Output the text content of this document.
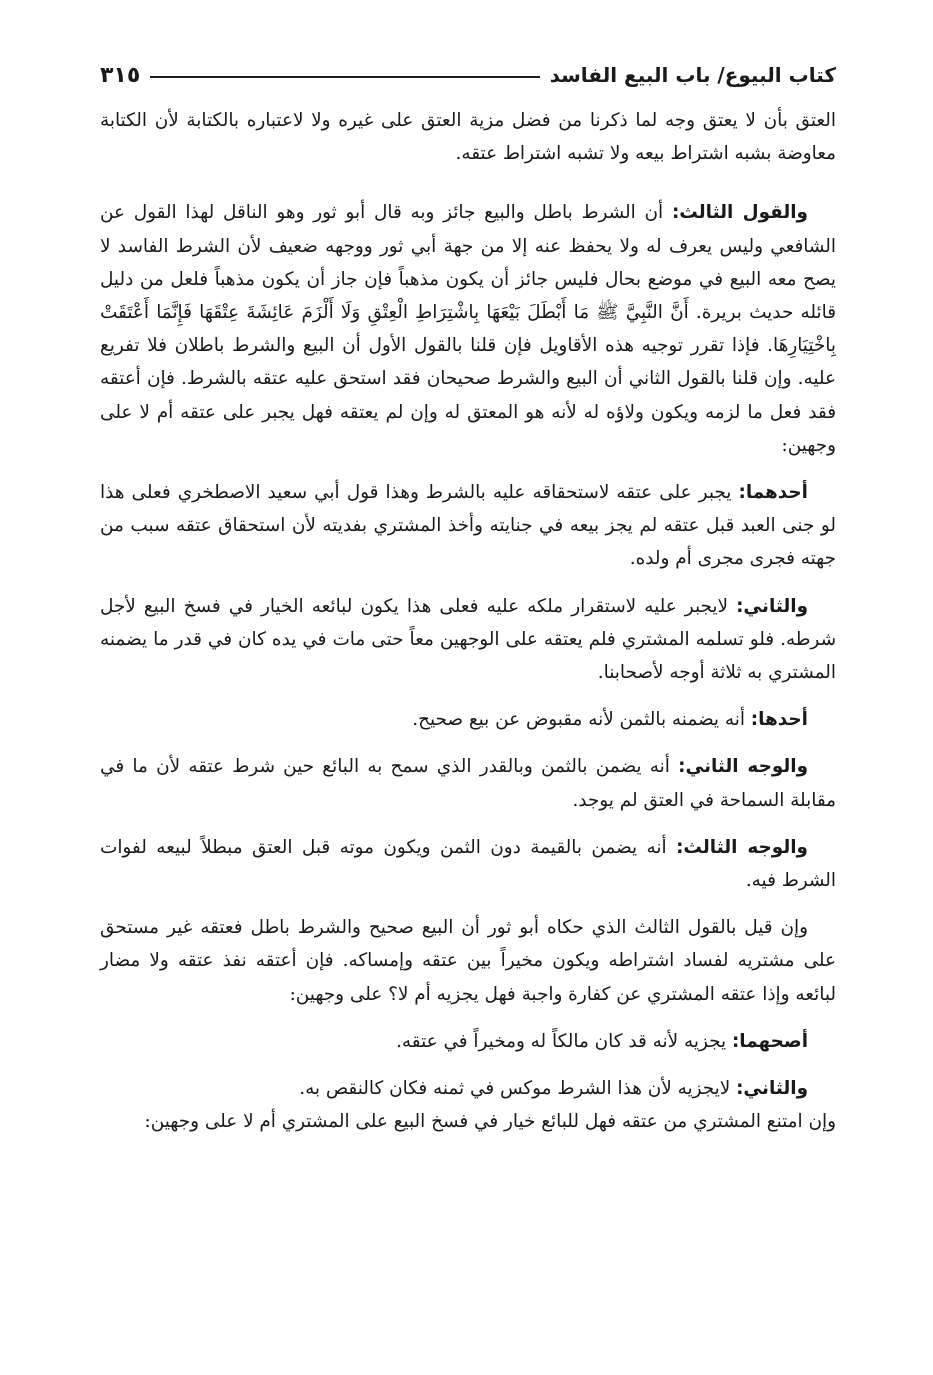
كتاب البيوع/ باب البيع الفاسد
٣١٥

العتق بأن لا يعتق وجه لما ذكرنا من فضل مزية العتق على غيره ولا لاعتباره بالكتابة لأن الكتابة معاوضة بشبه اشتراط بيعه ولا تشبه اشتراط عتقه.

والقول الثالث: أن الشرط باطل والبيع جائز وبه قال أبو ثور وهو الناقل لهذا القول عن الشافعي وليس يعرف له ولا يحفظ عنه إلا من جهة أبي ثور ووجهه ضعيف لأن الشرط الفاسد لا يصح معه البيع في موضع بحال فليس جائز أن يكون مذهباً فإن جاز أن يكون مذهباً فلعل من دليل قائله حديث بريرة. أَنَّ النَّبِيَّ ﷺ مَا أَبْطَلَ بَيْعَهَا بِاشْتِرَاطِ الْعِتْقِ وَلَا أَلْزَمَ عَائِشَةَ عِتْقَهَا فَإِنَّمَا أَعْتَقَتْ بِاخْتِيَارِهَا. فإذا تقرر توجيه هذه الأقاويل فإن قلنا بالقول الأول أن البيع والشرط باطلان فلا تفريع عليه. وإن قلنا بالقول الثاني أن البيع والشرط صحيحان فقد استحق عليه عتقه بالشرط. فإن أعتقه فقد فعل ما لزمه ويكون ولاؤه له لأنه هو المعتق له وإن لم يعتقه فهل يجبر على عتقه أم لا على وجهين:

أحدهما: يجبر على عتقه لاستحقاقه عليه بالشرط وهذا قول أبي سعيد الاصطخري فعلى هذا لو جنى العبد قبل عتقه لم يجز بيعه في جنايته وأخذ المشتري بفديته لأن استحقاق عتقه سبب من جهته فجرى مجرى أم ولده.

والثاني: لايجبر عليه لاستقرار ملكه عليه فعلى هذا يكون لبائعه الخيار في فسخ البيع لأجل شرطه. فلو تسلمه المشتري فلم يعتقه على الوجهين معاً حتى مات في يده كان في قدر ما يضمنه المشتري به ثلاثة أوجه لأصحابنا.

أحدها: أنه يضمنه بالثمن لأنه مقبوض عن بيع صحيح.

والوجه الثاني: أنه يضمن بالثمن وبالقدر الذي سمح به البائع حين شرط عتقه لأن ما في مقابلة السماحة في العتق لم يوجد.

والوجه الثالث: أنه يضمن بالقيمة دون الثمن ويكون موته قبل العتق مبطلاً لبيعه لفوات الشرط فيه.

وإن قيل بالقول الثالث الذي حكاه أبو ثور أن البيع صحيح والشرط باطل فعتقه غير مستحق على مشتريه لفساد اشتراطه ويكون مخيراً بين عتقه وإمساكه. فإن أعتقه نفذ عتقه ولا مضار لبائعه وإذا عتقه المشتري عن كفارة واجبة فهل يجزيه أم لا؟ على وجهين:

أصحهما: يجزيه لأنه قد كان مالكاً له ومخيراً في عتقه.

والثاني: لايجزيه لأن هذا الشرط موكس في ثمنه فكان كالنقص به.

وإن امتنع المشتري من عتقه فهل للبائع خيار في فسخ البيع على المشتري أم لا على وجهين:
